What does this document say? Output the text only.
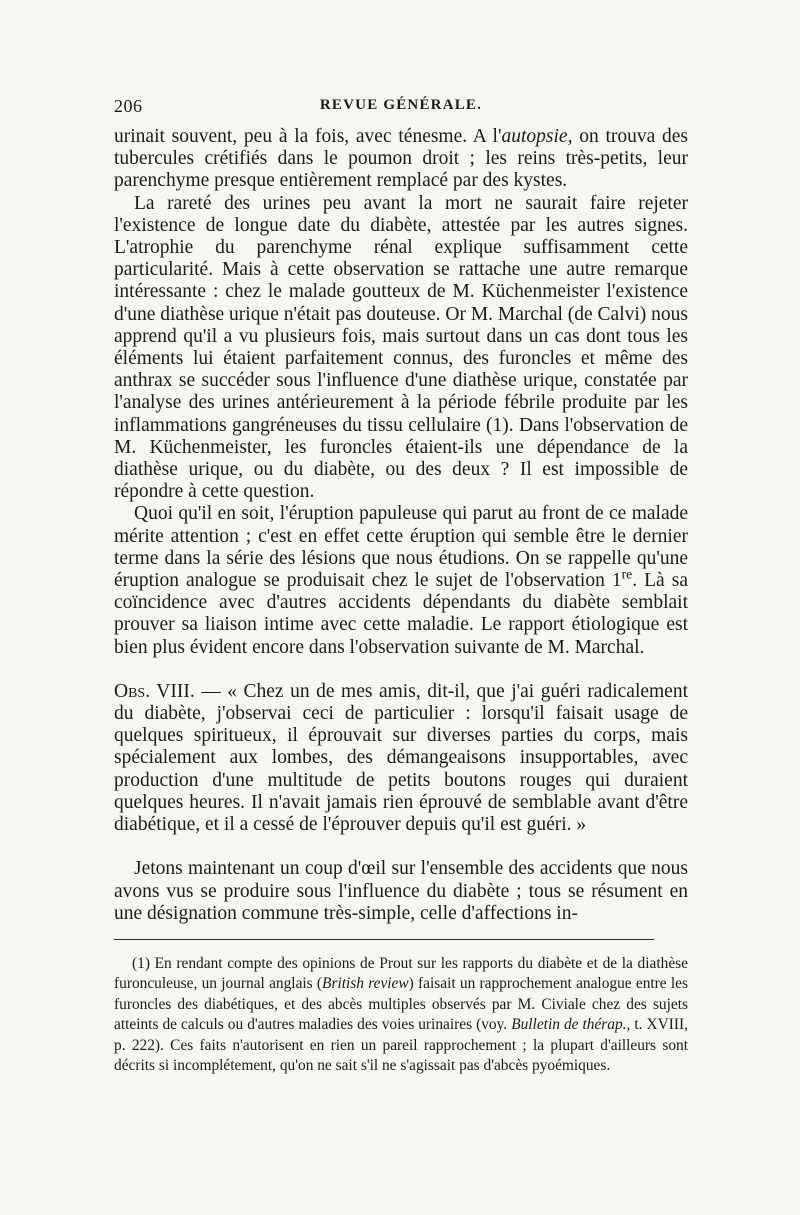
206	REVUE GÉNÉRALE.

urinait souvent, peu à la fois, avec ténesme. A l'autopsie, on trouva des tubercules crétifiés dans le poumon droit ; les reins très-petits, leur parenchyme presque entièrement remplacé par des kystes.

La rareté des urines peu avant la mort ne saurait faire rejeter l'existence de longue date du diabète, attestée par les autres signes. L'atrophie du parenchyme rénal explique suffisamment cette particularité. Mais à cette observation se rattache une autre remarque intéressante : chez le malade goutteux de M. Küchenmeister l'existence d'une diathèse urique n'était pas douteuse. Or M. Marchal (de Calvi) nous apprend qu'il a vu plusieurs fois, mais surtout dans un cas dont tous les éléments lui étaient parfaitement connus, des furoncles et même des anthrax se succéder sous l'influence d'une diathèse urique, constatée par l'analyse des urines antérieurement à la période fébrile produite par les inflammations gangréneuses du tissu cellulaire (1). Dans l'observation de M. Küchenmeister, les furoncles étaient-ils une dépendance de la diathèse urique, ou du diabète, ou des deux ? Il est impossible de répondre à cette question.

Quoi qu'il en soit, l'éruption papuleuse qui parut au front de ce malade mérite attention ; c'est en effet cette éruption qui semble être le dernier terme dans la série des lésions que nous étudions. On se rappelle qu'une éruption analogue se produisait chez le sujet de l'observation 1re. Là sa coïncidence avec d'autres accidents dépendants du diabète semblait prouver sa liaison intime avec cette maladie. Le rapport étiologique est bien plus évident encore dans l'observation suivante de M. Marchal.

Obs. VIII. — « Chez un de mes amis, dit-il, que j'ai guéri radicalement du diabète, j'observai ceci de particulier : lorsqu'il faisait usage de quelques spiritueux, il éprouvait sur diverses parties du corps, mais spécialement aux lombes, des démangeaisons insupportables, avec production d'une multitude de petits boutons rouges qui duraient quelques heures. Il n'avait jamais rien éprouvé de semblable avant d'être diabétique, et il a cessé de l'éprouver depuis qu'il est guéri. »

Jetons maintenant un coup d'œil sur l'ensemble des accidents que nous avons vus se produire sous l'influence du diabète ; tous se résument en une désignation commune très-simple, celle d'affections in-

(1) En rendant compte des opinions de Prout sur les rapports du diabète et de la diathèse furonculeuse, un journal anglais (British review) faisait un rapprochement analogue entre les furoncles des diabétiques, et des abcès multiples observés par M. Civiale chez des sujets atteints de calculs ou d'autres maladies des voies urinaires (voy. Bulletin de thérap., t. XVIII, p. 222). Ces faits n'autorisent en rien un pareil rapprochement ; la plupart d'ailleurs sont décrits si incomplétement, qu'on ne sait s'il ne s'agissait pas d'abcès pyoémiques.
